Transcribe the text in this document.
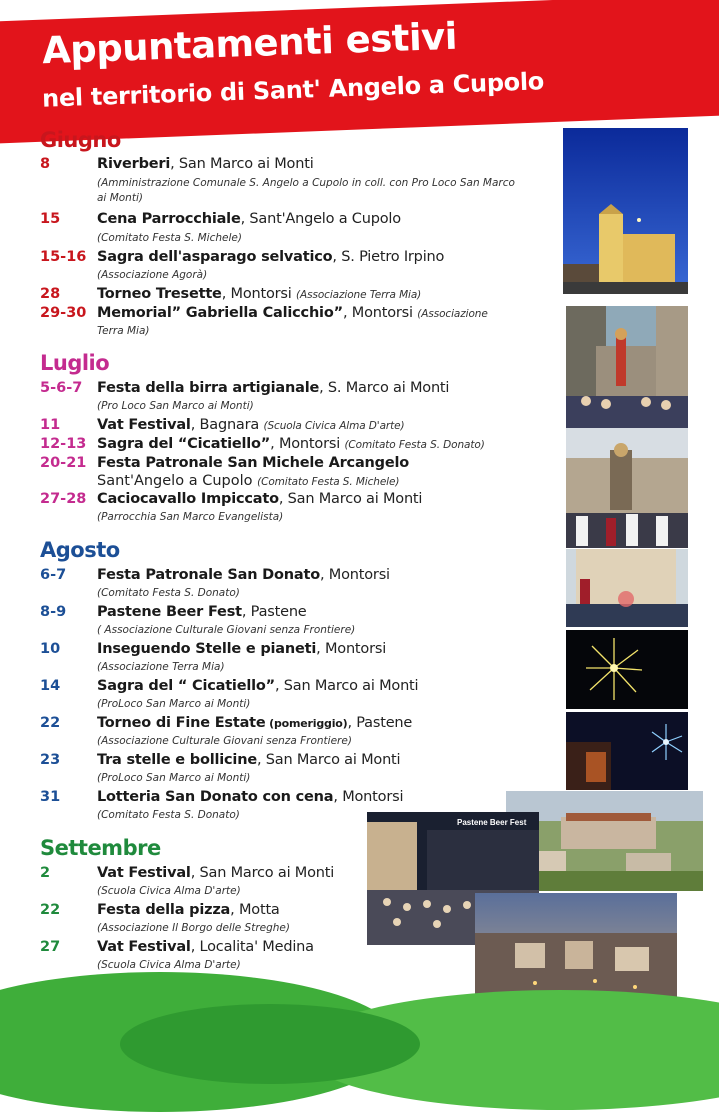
Appuntamenti estivi
nel territorio di Sant' Angelo a Cupolo
Giugno
8	Riverberi, San Marco ai Monti
(Amministrazione Comunale S. Angelo a Cupolo in coll. con Pro Loco San Marco
ai Monti)
15	Cena Parrocchiale, Sant'Angelo a Cupolo
(Comitato Festa S. Michele)
15-16 Sagra dell'asparago selvatico, S. Pietro Irpino
(Associazione Agorà)
28	Torneo Tresette, Montorsi (Associazione Terra Mia)
29-30 Memorial” Gabriella Calicchio”, Montorsi (Associazione
Terra Mia)
Luglio
5-6-7 Festa della birra artigianale, S. Marco ai Monti
(Pro Loco San Marco ai Monti)
11	Vat Festival, Bagnara (Scuola Civica Alma D'arte)
12-13 Sagra del “Cicatiello”, Montorsi (Comitato Festa S. Donato)
20-21 Festa Patronale San Michele Arcangelo
Sant'Angelo a Cupolo (Comitato Festa S. Michele)
27-28 Caciocavallo Impiccato, San Marco ai Monti
(Parrocchia San Marco Evangelista)
Agosto
6-7 Festa Patronale San Donato, Montorsi
(Comitato Festa S. Donato)
8-9 Pastene Beer Fest, Pastene
( Associazione Culturale Giovani senza Frontiere)
10	Inseguendo Stelle e pianeti, Montorsi
(Associazione Terra Mia)
14	Sagra del “ Cicatiello”, San Marco ai Monti
(ProLoco San Marco ai Monti)
22	Torneo di Fine Estate (pomeriggio), Pastene
(Associazione Culturale Giovani senza Frontiere)
23	Tra stelle e bollicine, San Marco ai Monti
(ProLoco San Marco ai Monti)
31	Lotteria San Donato con cena, Montorsi
(Comitato Festa S. Donato)
Settembre
2	Vat Festival, San Marco ai Monti
(Scuola Civica Alma D'arte)
22	Festa della pizza, Motta
(Associazione Il Borgo delle Streghe)
27	Vat Festival, Localita' Medina
(Scuola Civica Alma D'arte)
Pastene Beer Fest
